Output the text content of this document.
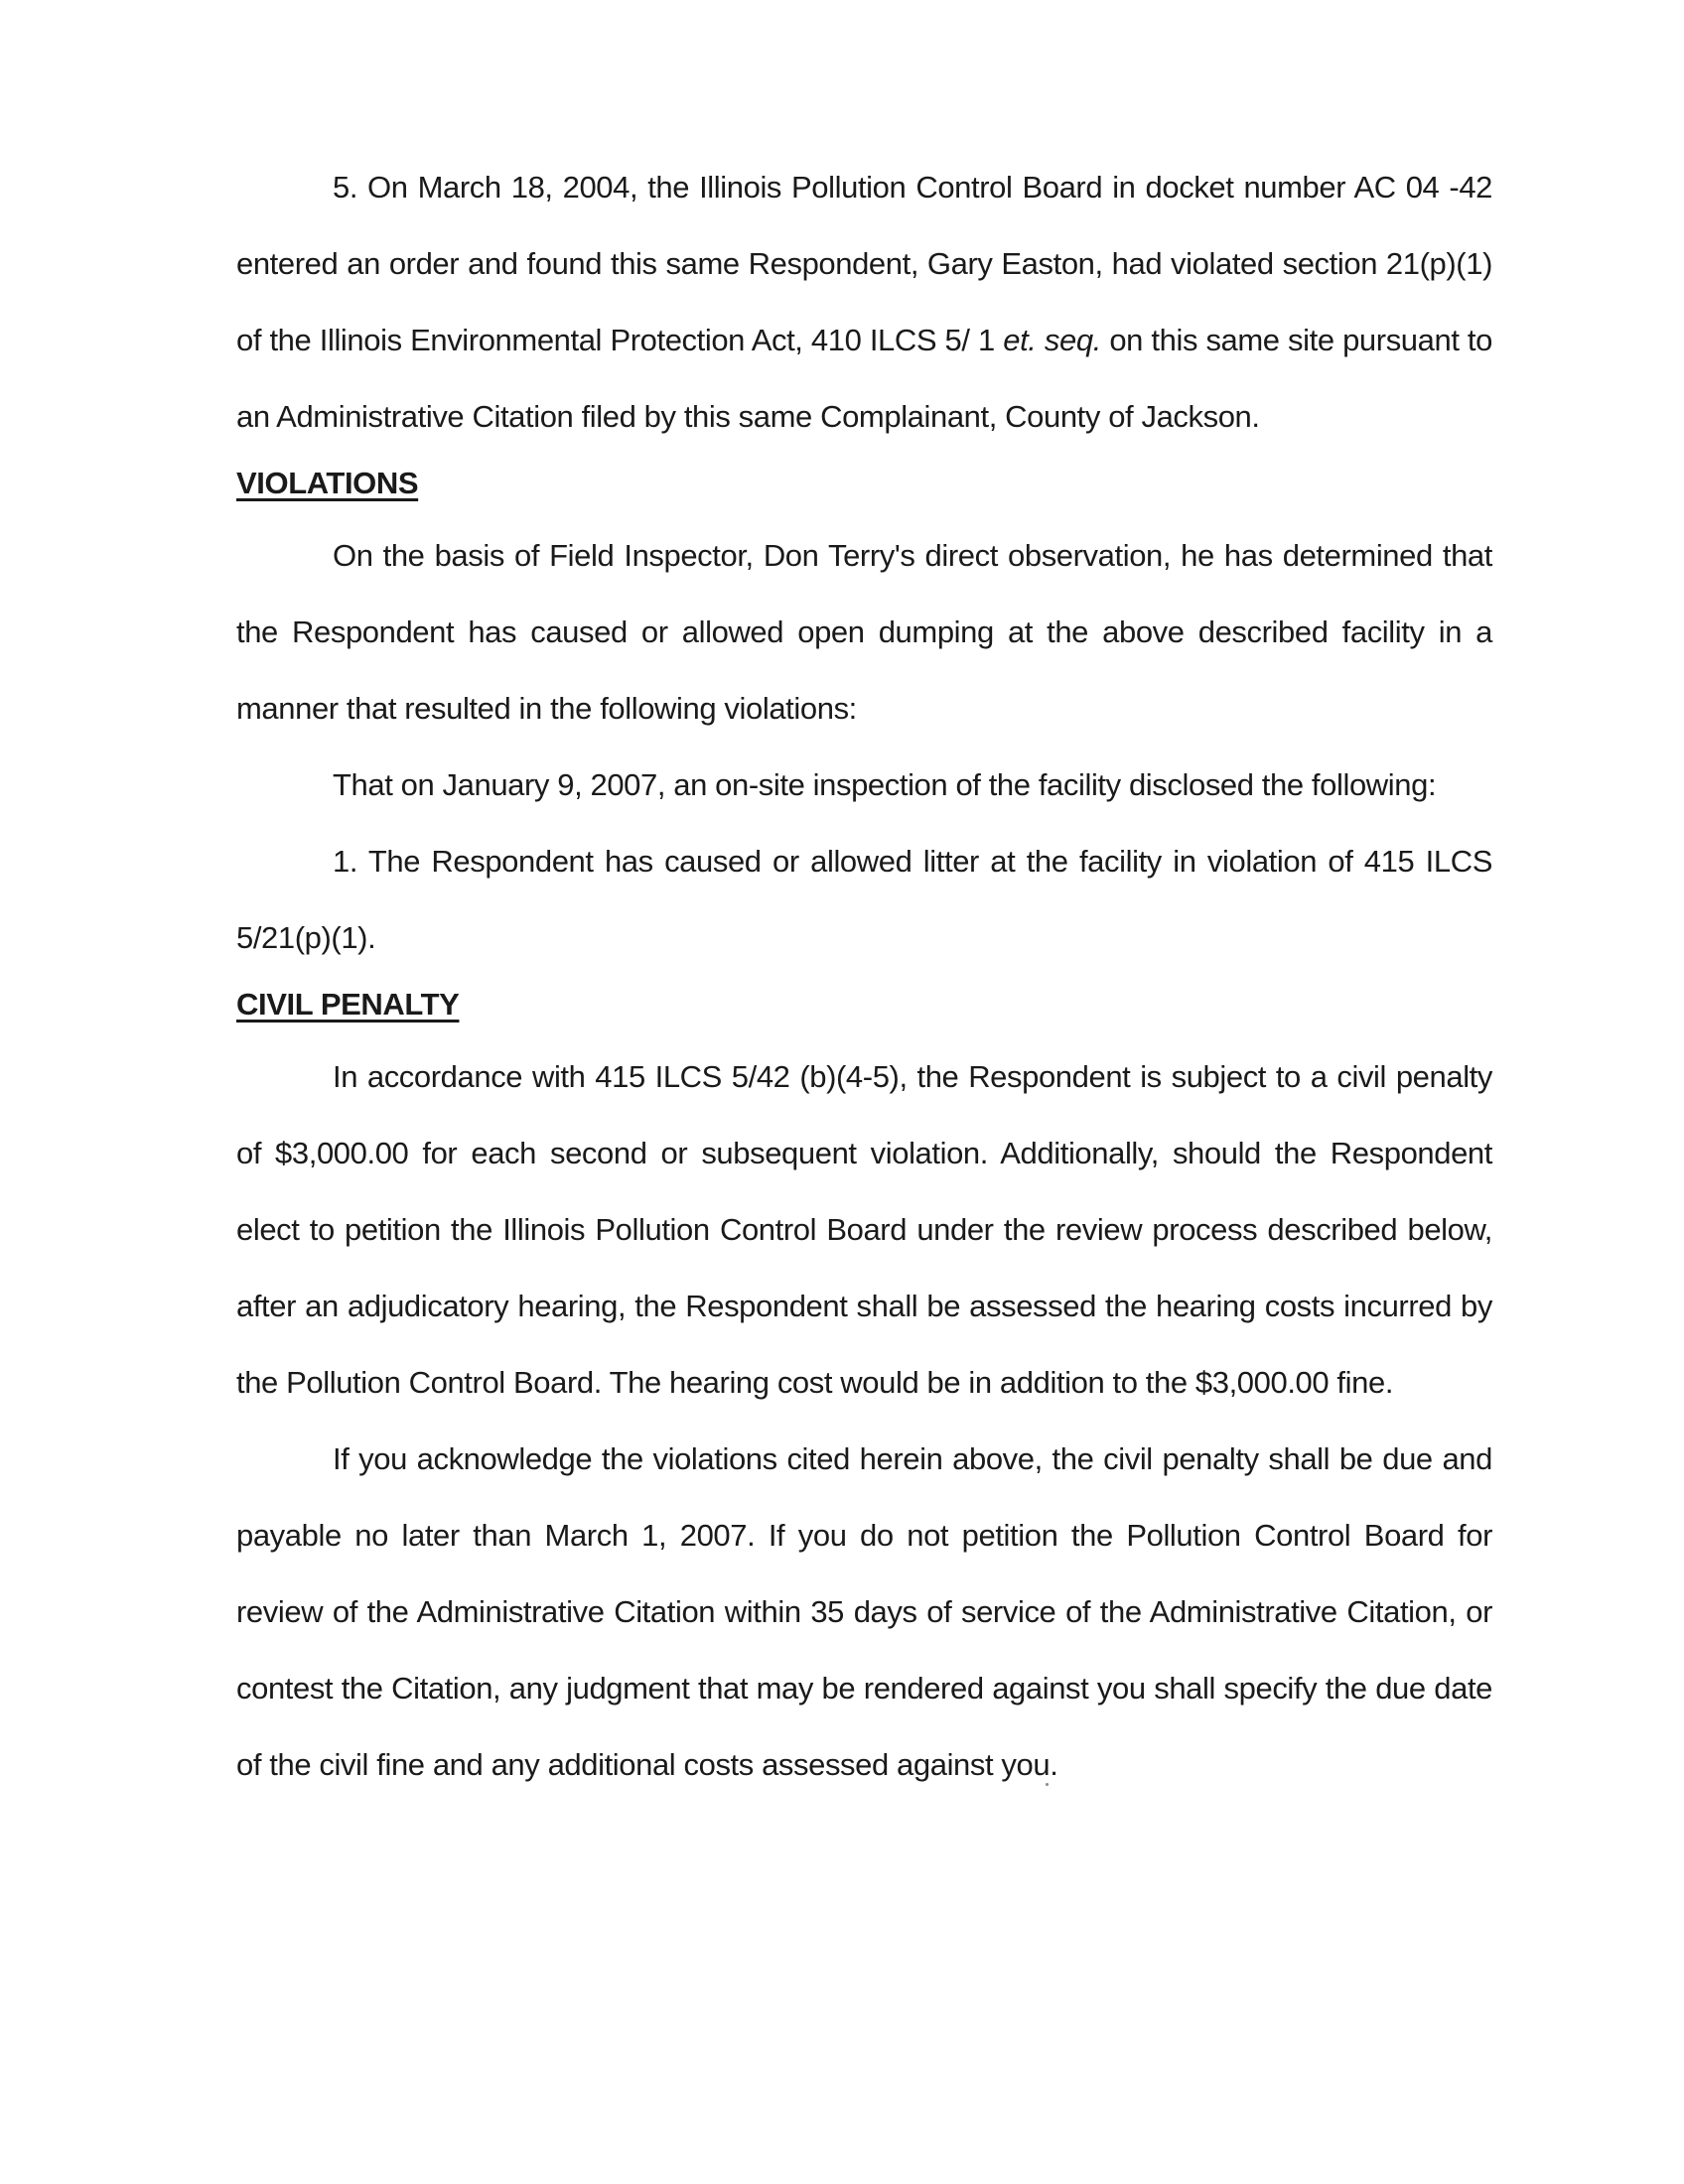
5. On March 18, 2004, the Illinois Pollution Control Board in docket number AC 04 -42 entered an order and found this same Respondent, Gary Easton, had violated section 21(p)(1) of the Illinois Environmental Protection Act, 410 ILCS 5/ 1 et. seq. on this same site pursuant to an Administrative Citation filed by this same Complainant, County of Jackson.

VIOLATIONS

On the basis of Field Inspector, Don Terry's direct observation, he has determined that the Respondent has caused or allowed open dumping at the above described facility in a manner that resulted in the following violations:

That on January 9, 2007, an on-site inspection of the facility disclosed the following:

1. The Respondent has caused or allowed litter at the facility in violation of 415 ILCS 5/21(p)(1).

CIVIL PENALTY

In accordance with 415 ILCS 5/42 (b)(4-5), the Respondent is subject to a civil penalty of $3,000.00 for each second or subsequent violation. Additionally, should the Respondent elect to petition the Illinois Pollution Control Board under the review process described below, after an adjudicatory hearing, the Respondent shall be assessed the hearing costs incurred by the Pollution Control Board. The hearing cost would be in addition to the $3,000.00 fine.

If you acknowledge the violations cited herein above, the civil penalty shall be due and payable no later than March 1, 2007. If you do not petition the Pollution Control Board for review of the Administrative Citation within 35 days of service of the Administrative Citation, or contest the Citation, any judgment that may be rendered against you shall specify the due date of the civil fine and any additional costs assessed against you.
